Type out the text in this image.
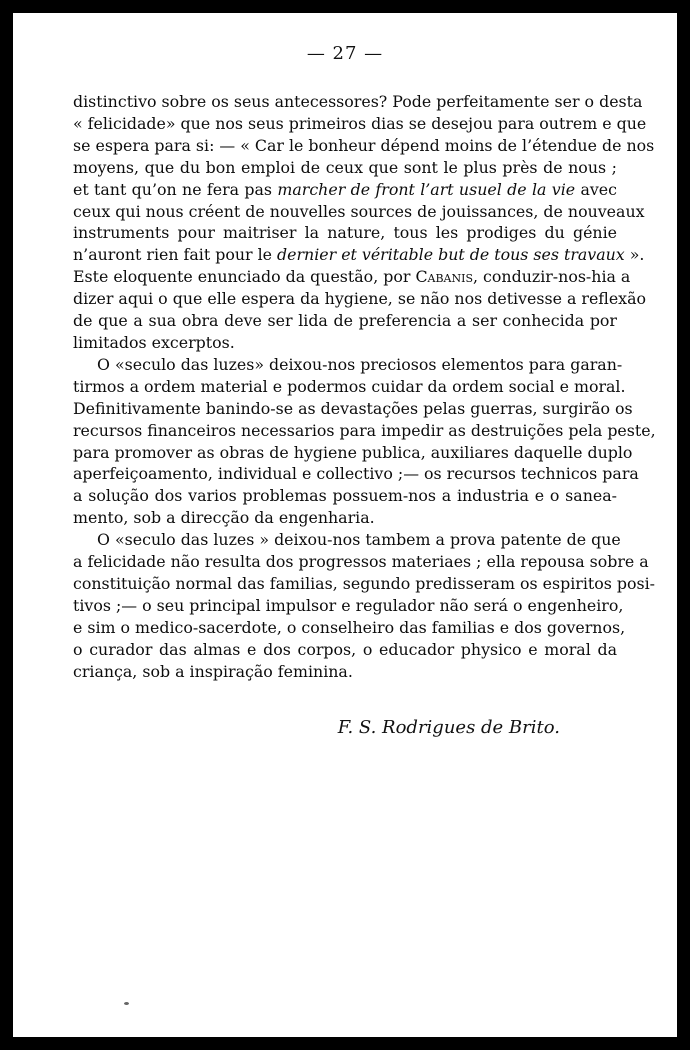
— 27 —
distinctivo sobre os seus antecessores? Pode perfeitamente ser o desta
« felicidade» que nos seus primeiros dias se desejou para outrem e que
se espera para si: — « Car le bonheur dépend moins de l’étendue de nos
moyens, que du bon emploi de ceux que sont le plus près de nous ;
et tant qu’on ne fera pas marcher de front l’art usuel de la vie avec
ceux qui nous créent de nouvelles sources de jouissances, de nouveaux
instruments pour maitriser la nature, tous les prodiges du génie
n’auront rien fait pour le dernier et véritable but de tous ses travaux ».
Este eloquente enunciado da questão, por Cabanis, conduzir-nos-hia a
dizer aqui o que elle espera da hygiene, se não nos detivesse a reflexão
de que a sua obra deve ser lida de preferencia a ser conhecida por
limitados excerptos.
O «seculo das luzes» deixou-nos preciosos elementos para garan-
tirmos a ordem material e podermos cuidar da ordem social e moral.
Definitivamente banindo-se as devastações pelas guerras, surgirão os
recursos financeiros necessarios para impedir as destruições pela peste,
para promover as obras de hygiene publica, auxiliares daquelle duplo
aperfeiçoamento, individual e collectivo ;— os recursos technicos para
a solução dos varios problemas possuem-nos a industria e o sanea-
mento, sob a direcção da engenharia.
O «seculo das luzes » deixou-nos tambem a prova patente de que
a felicidade não resulta dos progressos materiaes ; ella repousa sobre a
constituição normal das familias, segundo predisseram os espiritos posi-
tivos ;— o seu principal impulsor e regulador não será o engenheiro,
e sim o medico-sacerdote, o conselheiro das familias e dos governos,
o curador das almas e dos corpos, o educador physico e moral da
criança, sob a inspiração feminina.
F. S. Rodrigues de Brito.
